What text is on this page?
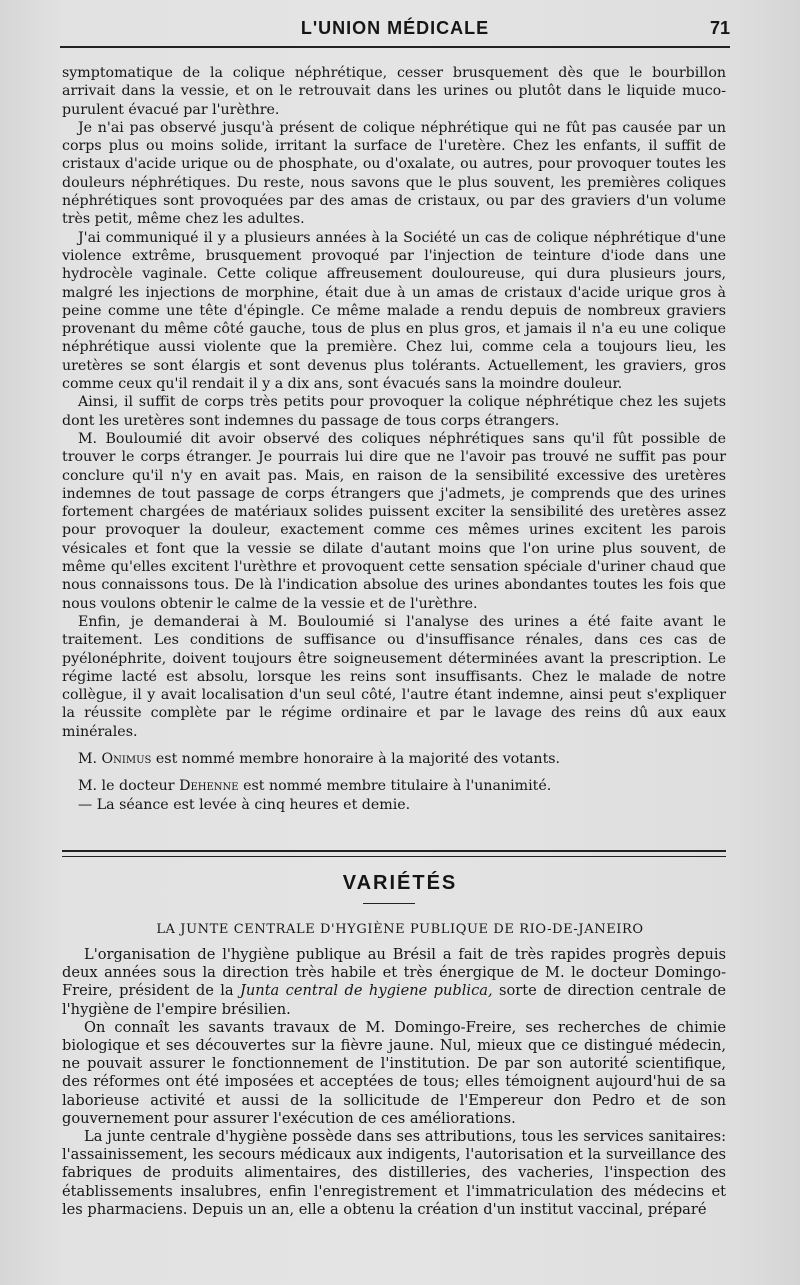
L'UNION MÉDICALE	71

symptomatique de la colique néphrétique, cesser brusquement dès que le bourbillon arrivait dans la vessie, et on le retrouvait dans les urines ou plutôt dans le liquide muco-purulent évacué par l'urèthre.

Je n'ai pas observé jusqu'à présent de colique néphrétique qui ne fût pas causée par un corps plus ou moins solide, irritant la surface de l'uretère. Chez les enfants, il suffit de cristaux d'acide urique ou de phosphate, ou d'oxalate, ou autres, pour provoquer toutes les douleurs néphrétiques. Du reste, nous savons que le plus souvent, les premières coliques néphrétiques sont provoquées par des amas de cristaux, ou par des graviers d'un volume très petit, même chez les adultes.

J'ai communiqué il y a plusieurs années à la Société un cas de colique néphrétique d'une violence extrême, brusquement provoqué par l'injection de teinture d'iode dans une hydrocèle vaginale. Cette colique affreusement douloureuse, qui dura plusieurs jours, malgré les injections de morphine, était due à un amas de cristaux d'acide urique gros à peine comme une tête d'épingle. Ce même malade a rendu depuis de nombreux graviers provenant du même côté gauche, tous de plus en plus gros, et jamais il n'a eu une colique néphrétique aussi violente que la première. Chez lui, comme cela a toujours lieu, les uretères se sont élargis et sont devenus plus tolérants. Actuellement, les graviers, gros comme ceux qu'il rendait il y a dix ans, sont évacués sans la moindre douleur.

Ainsi, il suffit de corps très petits pour provoquer la colique néphrétique chez les sujets dont les uretères sont indemnes du passage de tous corps étrangers.

M. Bouloumié dit avoir observé des coliques néphrétiques sans qu'il fût possible de trouver le corps étranger. Je pourrais lui dire que ne l'avoir pas trouvé ne suffit pas pour conclure qu'il n'y en avait pas. Mais, en raison de la sensibilité excessive des uretères indemnes de tout passage de corps étrangers que j'admets, je comprends que des urines fortement chargées de matériaux solides puissent exciter la sensibilité des uretères assez pour provoquer la douleur, exactement comme ces mêmes urines excitent les parois vésicales et font que la vessie se dilate d'autant moins que l'on urine plus souvent, de même qu'elles excitent l'urèthre et provoquent cette sensation spéciale d'uriner chaud que nous connaissons tous. De là l'indication absolue des urines abondantes toutes les fois que nous voulons obtenir le calme de la vessie et de l'urèthre.

Enfin, je demanderai à M. Bouloumié si l'analyse des urines a été faite avant le traitement. Les conditions de suffisance ou d'insuffisance rénales, dans ces cas de pyélonéphrite, doivent toujours être soigneusement déterminées avant la prescription. Le régime lacté est absolu, lorsque les reins sont insuffisants. Chez le malade de notre collègue, il y avait localisation d'un seul côté, l'autre étant indemne, ainsi peut s'expliquer la réussite complète par le régime ordinaire et par le lavage des reins dû aux eaux minérales.

M. Onimus est nommé membre honoraire à la majorité des votants.

M. le docteur Dehenne est nommé membre titulaire à l'unanimité.

— La séance est levée à cinq heures et demie.

VARIÉTÉS
LA JUNTE CENTRALE D'HYGIÈNE PUBLIQUE DE RIO-DE-JANEIRO

L'organisation de l'hygiène publique au Brésil a fait de très rapides progrès depuis deux années sous la direction très habile et très énergique de M. le docteur Domingo-Freire, président de la Junta central de hygiene publica, sorte de direction centrale de l'hygiène de l'empire brésilien.

On connaît les savants travaux de M. Domingo-Freire, ses recherches de chimie biologique et ses découvertes sur la fièvre jaune. Nul, mieux que ce distingué médecin, ne pouvait assurer le fonctionnement de l'institution. De par son autorité scientifique, des réformes ont été imposées et acceptées de tous; elles témoignent aujourd'hui de sa laborieuse activité et aussi de la sollicitude de l'Empereur don Pedro et de son gouvernement pour assurer l'exécution de ces améliorations.

La junte centrale d'hygiène possède dans ses attributions, tous les services sanitaires: l'assainissement, les secours médicaux aux indigents, l'autorisation et la surveillance des fabriques de produits alimentaires, des distilleries, des vacheries, l'inspection des établissements insalubres, enfin l'enregistrement et l'immatriculation des médecins et les pharmaciens. Depuis un an, elle a obtenu la création d'un institut vaccinal, préparé
